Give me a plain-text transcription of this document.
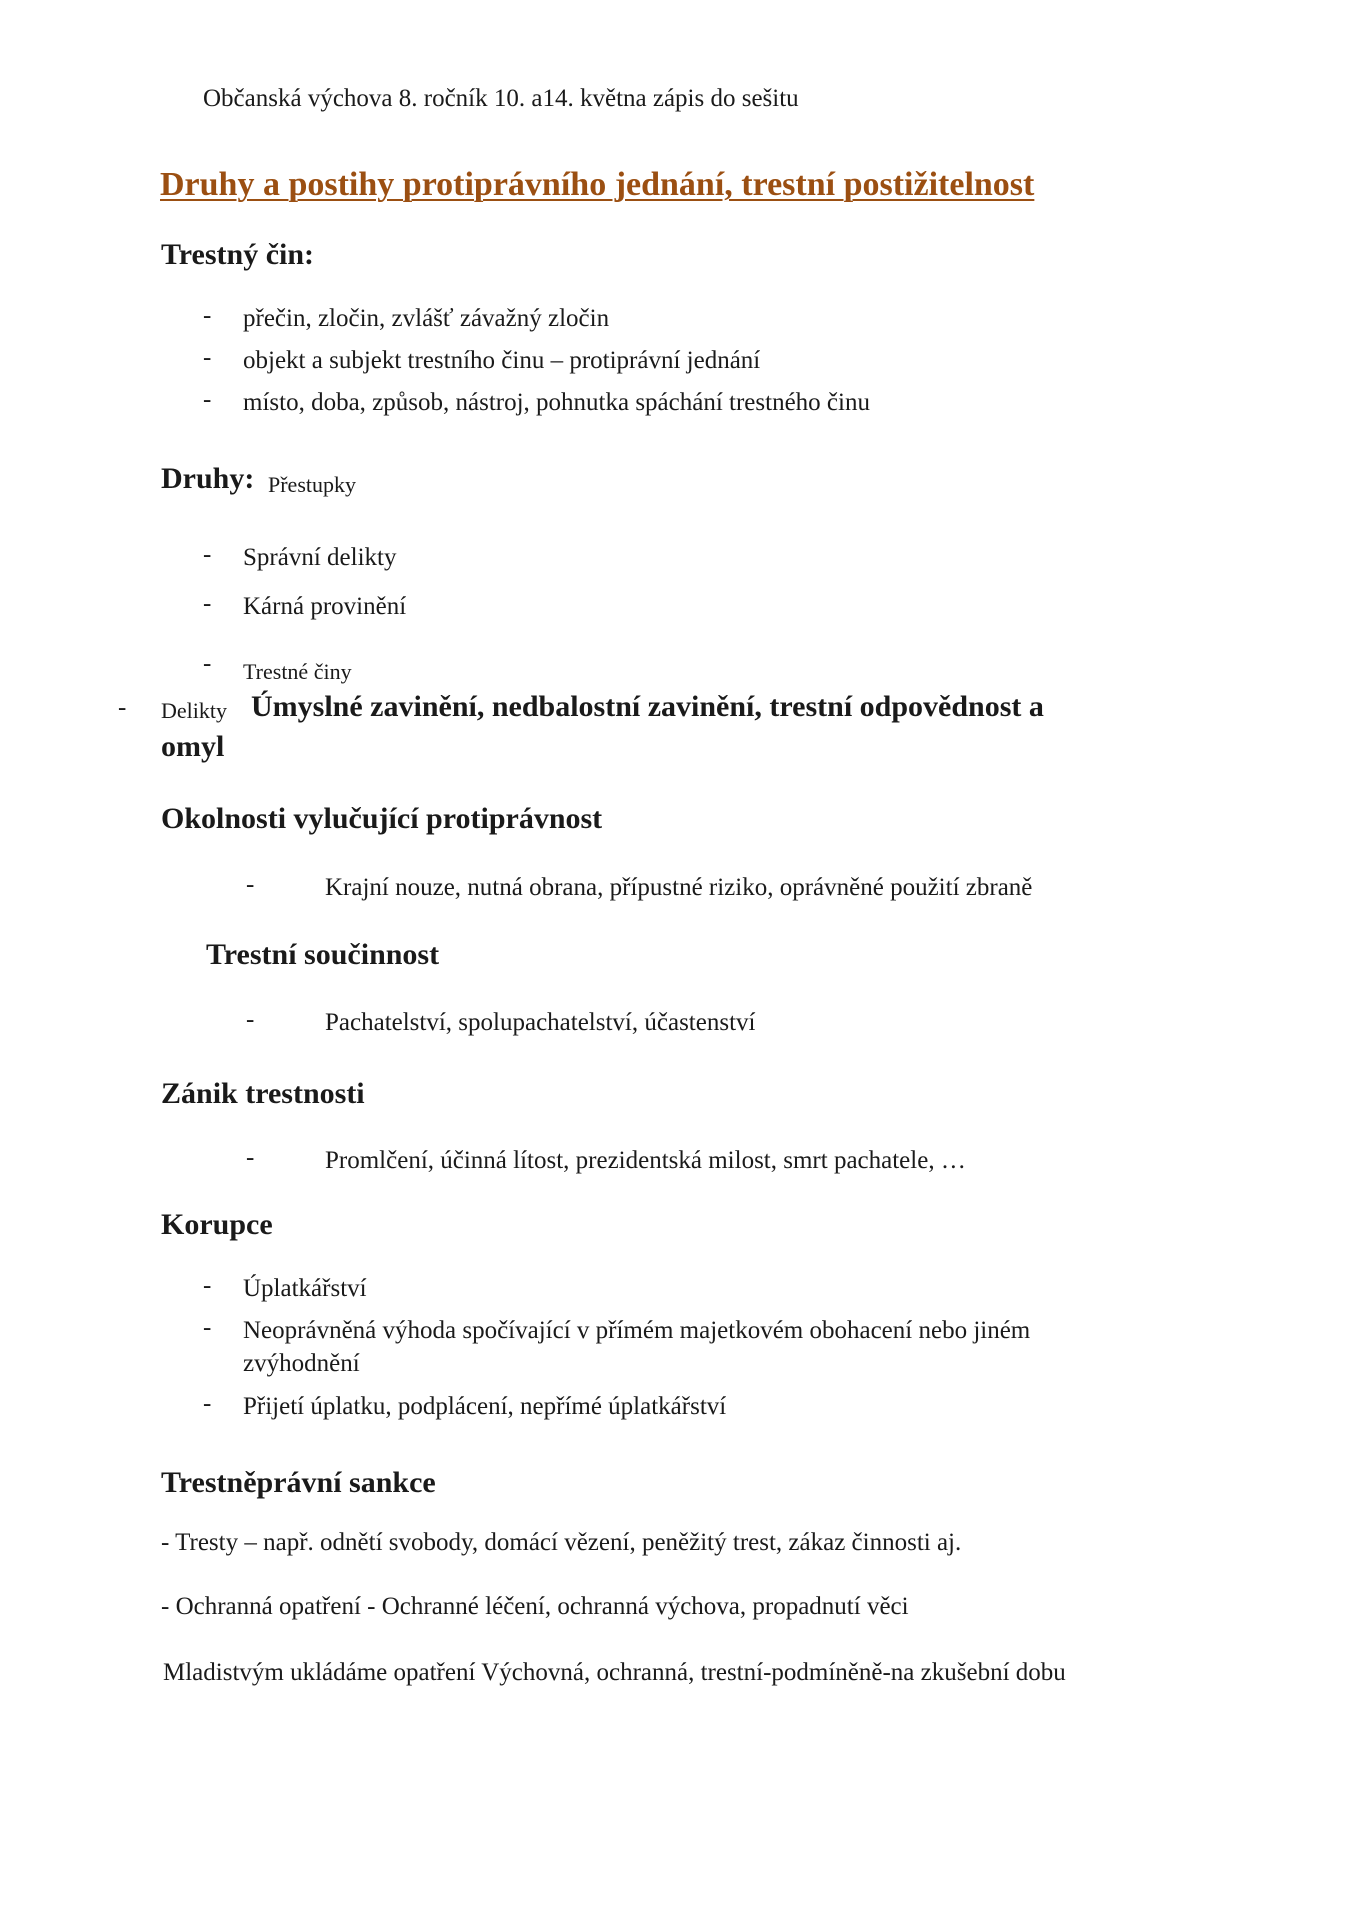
Občanská výchova 8. ročník 10. a14. května zápis do sešitu
Druhy a postihy protiprávního jednání, trestní postižitelnost
Trestný čin:
- přečin, zločin, zvlášť závažný zločin
- objekt a subjekt trestního činu – protiprávní jednání
- místo, doba, způsob, nástroj, pohnutka spáchání trestného činu
Druhy: Přestupky
- Správní delikty
- Kárná provinění
- Trestné činy
- Delikty Úmyslné zavinění, nedbalostní zavinění, trestní odpovědnost a
omyl
Okolnosti vylučující protiprávnost
-	Krajní nouze, nutná obrana, přípustné riziko, oprávněné použití zbraně
Trestní součinnost
-	Pachatelství, spolupachatelství, účastenství
Zánik trestnosti
-	Promlčení, účinná lítost, prezidentská milost, smrt pachatele, …
Korupce
- Úplatkářství
- Neoprávněná výhoda spočívající v přímém majetkovém obohacení nebo jiném zvýhodnění
- Přijetí úplatku, podplácení, nepřímé úplatkářství
Trestněprávní sankce
- Tresty – např. odnětí svobody, domácí vězení, peněžitý trest, zákaz činnosti aj.
- Ochranná opatření - Ochranné léčení, ochranná výchova, propadnutí věci
Mladistvým ukládáme opatření Výchovná, ochranná, trestní-podmíněně-na zkušební dobu
